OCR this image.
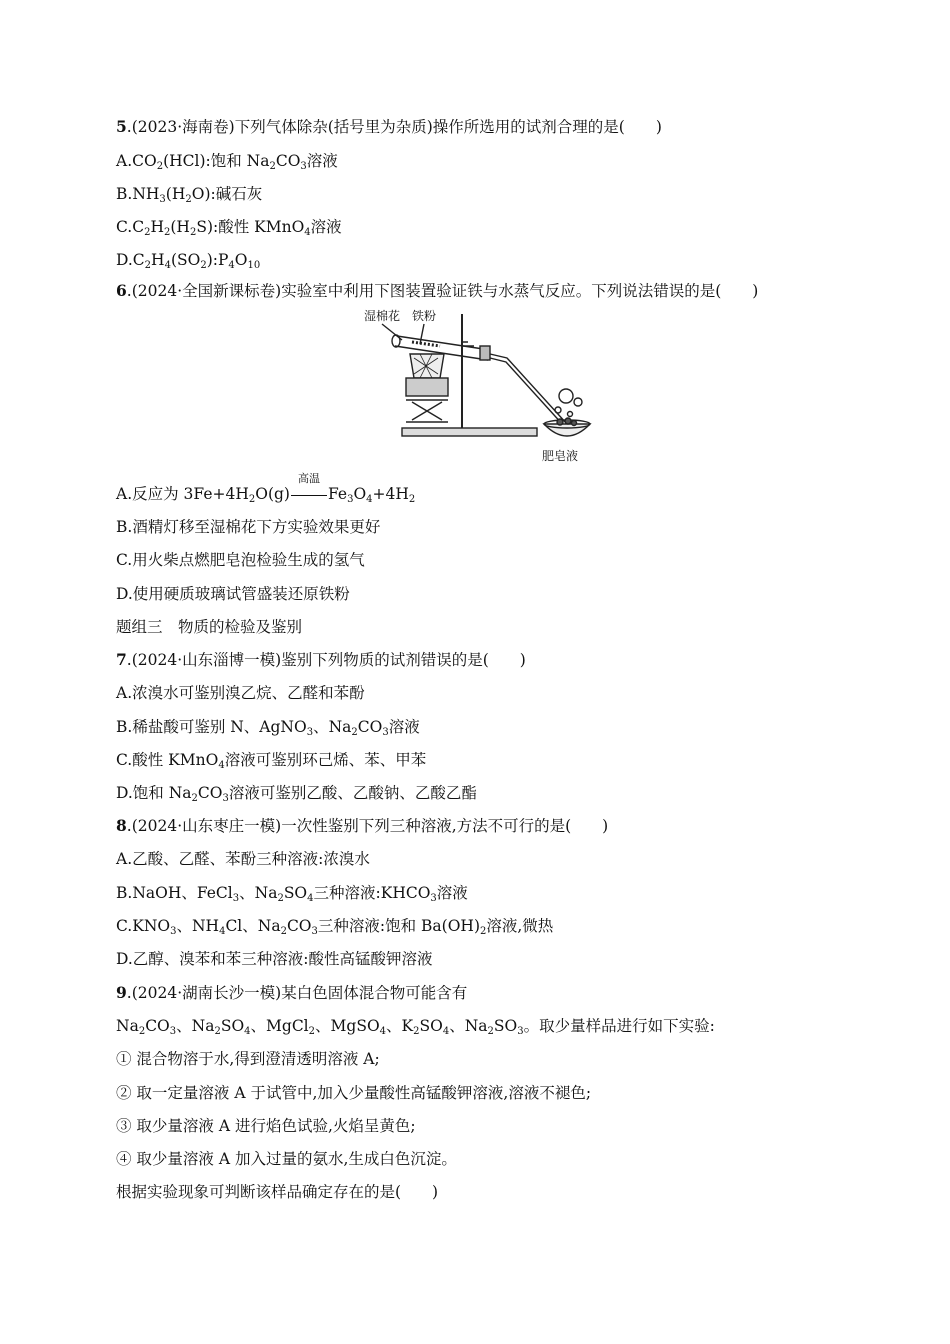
5.(2023·海南卷)下列气体除杂(括号里为杂质)操作所选用的试剂合理的是(　　)
$A.CO_2(HCl)$:饱和 $Na_2CO_3$溶液
$B.NH_3(H_2O)$:碱石灰
$C.C_2H_2(H_2S)$:酸性 KMnO$_4$溶液
$D.C_2H_4(SO_2):P_4O_{10}$
6.(2024·全国新课标卷)实验室中利用下图装置验证铁与水蒸气反应。下列说法错误的是(　　)
湿棉花 铁粉
肥皂液
A.反应为 $3Fe+4H_2O(g)$
高温
$Fe_3O_4+4H_2$
B.酒精灯移至湿棉花下方实验效果更好
C.用火柴点燃肥皂泡检验生成的氢气
D.使用硬质玻璃试管盛装还原铁粉
题组三　物质的检验及鉴别
7.(2024·山东淄博一模)鉴别下列物质的试剂错误的是(　　)
A.浓溴水可鉴别溴乙烷、乙醛和苯酚
B.稀盐酸可鉴别 N、AgNO$_3$、$Na_2CO_3$溶液
C.酸性 KMnO$_4$溶液可鉴别环己烯、苯、甲苯
D.饱和 $Na_2CO_3$溶液可鉴别乙酸、乙酸钠、乙酸乙酯
8.(2024·山东枣庄一模)一次性鉴别下列三种溶液,方法不可行的是(　　)
A.乙酸、乙醛、苯酚三种溶液:浓溴水
B.NaOH、FeCl$_3$、$Na_2SO_4$三种溶液$:KHCO_3$溶液
$C.KNO_3$、$NH_4Cl$、$Na_2CO_3$三种溶液:饱和 $Ba(OH)_2$溶液,微热
D.乙醇、溴苯和苯三种溶液:酸性高锰酸钾溶液
9.(2024·湖南长沙一模)某白色固体混合物可能含有
$Na_2CO_3$、$Na_2SO_4$、MgCl$_2$、MgSO$_4$、$K_2SO_4$、$Na_2SO_3$。取少量样品进行如下实验:
① 混合物溶于水,得到澄清透明溶液 A;
② 取一定量溶液 A 于试管中,加入少量酸性高锰酸钾溶液,溶液不褪色;
③ 取少量溶液 A 进行焰色试验,火焰呈黄色;
④ 取少量溶液 A 加入过量的氨水,生成白色沉淀。
根据实验现象可判断该样品确定存在的是(　　)
